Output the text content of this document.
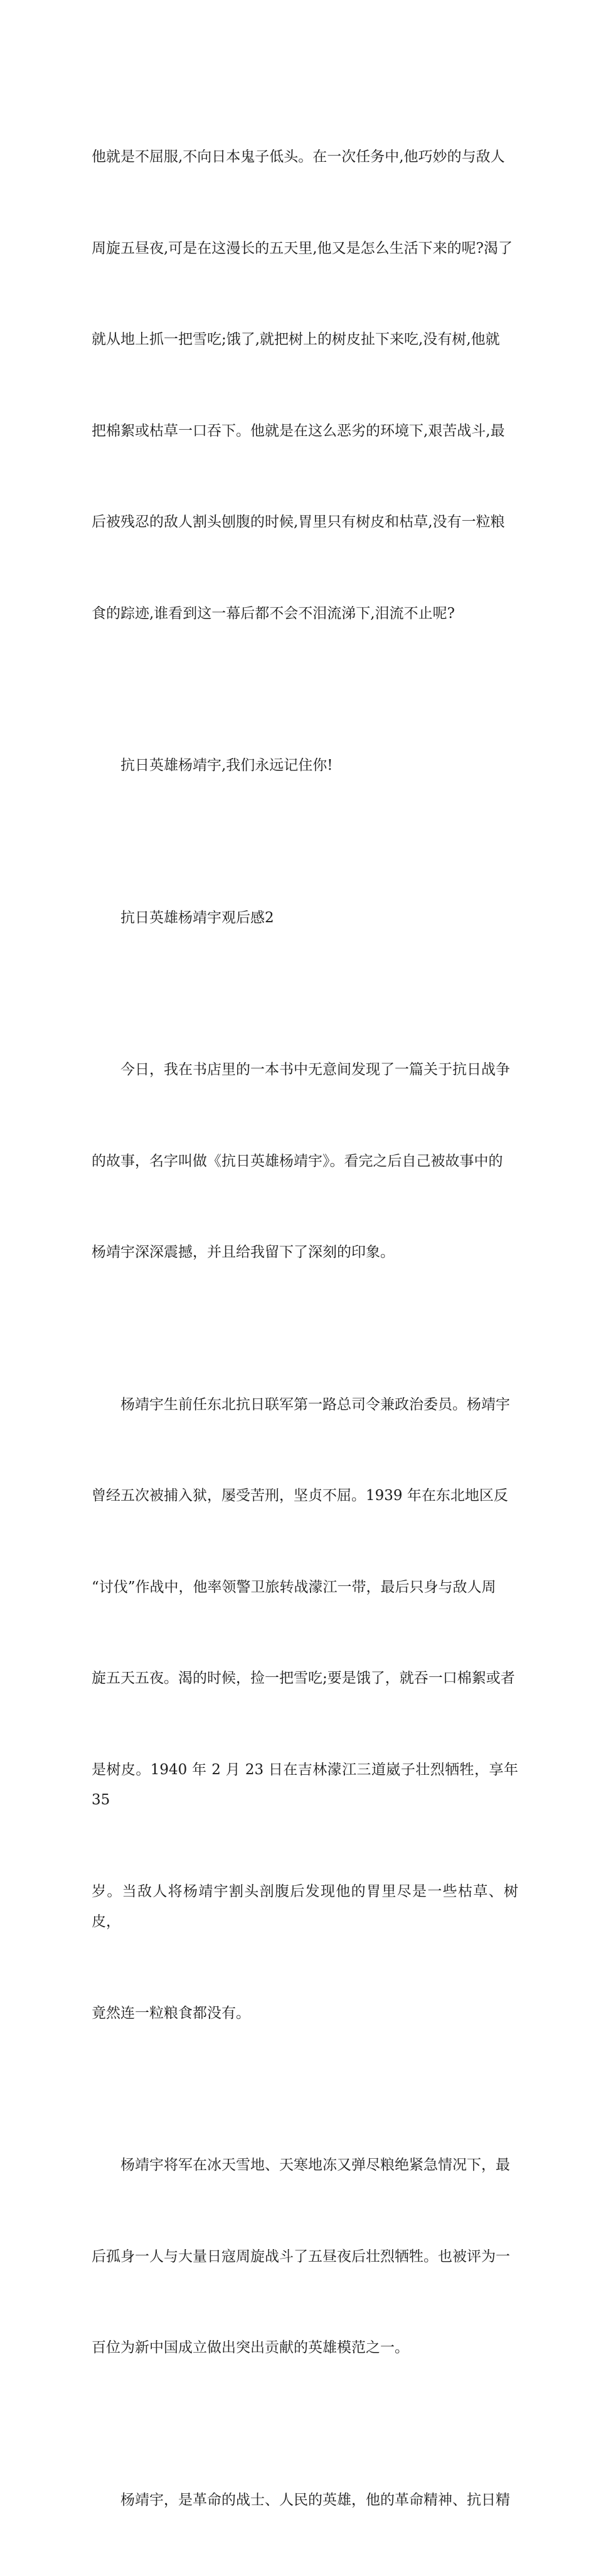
他就是不屈服,不向日本鬼子低头。在一次任务中,他巧妙的与敌人

周旋五昼夜,可是在这漫长的五天里,他又是怎么生活下来的呢?渴了

就从地上抓一把雪吃;饿了,就把树上的树皮扯下来吃,没有树,他就

把棉絮或枯草一口吞下。他就是在这么恶劣的环境下,艰苦战斗,最

后被残忍的敌人割头刨腹的时候,胃里只有树皮和枯草,没有一粒粮

食的踪迹,谁看到这一幕后都不会不泪流涕下,泪流不止呢?

抗日英雄杨靖宇,我们永远记住你!

抗日英雄杨靖宇观后感2

今日，我在书店里的一本书中无意间发现了一篇关于抗日战争

的故事，名字叫做《抗日英雄杨靖宇》。看完之后自己被故事中的

杨靖宇深深震撼，并且给我留下了深刻的印象。

杨靖宇生前任东北抗日联军第一路总司令兼政治委员。杨靖宇

曾经五次被捕入狱，屡受苦刑，坚贞不屈。1939 年在东北地区反

“讨伐”作战中，他率领警卫旅转战濛江一带，最后只身与敌人周

旋五天五夜。渴的时候，捡一把雪吃;要是饿了，就吞一口棉絮或者

是树皮。1940 年 2 月 23 日在吉林濛江三道崴子壮烈牺牲，享年 35

岁。当敌人将杨靖宇割头剖腹后发现他的胃里尽是一些枯草、树皮，

竟然连一粒粮食都没有。

杨靖宇将军在冰天雪地、天寒地冻又弹尽粮绝紧急情况下，最

后孤身一人与大量日寇周旋战斗了五昼夜后壮烈牺牲。也被评为一

百位为新中国成立做出突出贡献的英雄模范之一。

杨靖宇，是革命的战士、人民的英雄，他的革命精神、抗日精
